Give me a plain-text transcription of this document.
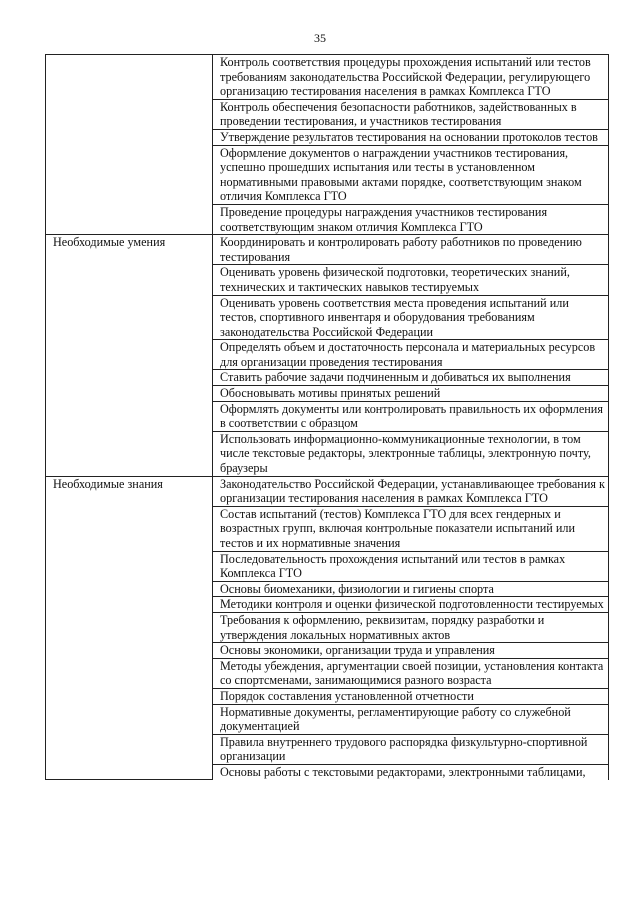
35
	Контроль соответствия процедуры прохождения испытаний или тестов требованиям законодательства Российской Федерации, регулирующего организацию тестирования населения в рамках Комплекса ГТО
	Контроль обеспечения безопасности работников, задействованных в проведении тестирования, и участников тестирования
	Утверждение результатов тестирования на основании протоколов тестов
	Оформление документов о награждении участников тестирования, успешно прошедших испытания или тесты в установленном нормативными правовыми актами порядке, соответствующим знаком отличия Комплекса ГТО
	Проведение процедуры награждения участников тестирования соответствующим знаком отличия Комплекса ГТО
Необходимые умения	Координировать и контролировать работу работников по проведению тестирования
	Оценивать уровень физической подготовки, теоретических знаний, технических и тактических навыков тестируемых
	Оценивать уровень соответствия места проведения испытаний или тестов, спортивного инвентаря и оборудования требованиям законодательства Российской Федерации
	Определять объем и достаточность персонала и материальных ресурсов для организации проведения тестирования
	Ставить рабочие задачи подчиненным и добиваться их выполнения
	Обосновывать мотивы принятых решений
	Оформлять документы или контролировать правильность их оформления в соответствии с образцом
	Использовать информационно-коммуникационные технологии, в том числе текстовые редакторы, электронные таблицы, электронную почту, браузеры
Необходимые знания	Законодательство Российской Федерации, устанавливающее требования к организации тестирования населения в рамках Комплекса ГТО
	Состав испытаний (тестов) Комплекса ГТО для всех гендерных и возрастных групп, включая контрольные показатели испытаний или тестов и их нормативные значения
	Последовательность прохождения испытаний или тестов в рамках Комплекса ГТО
	Основы биомеханики, физиологии и гигиены спорта
	Методики контроля и оценки физической подготовленности тестируемых
	Требования к оформлению, реквизитам, порядку разработки и утверждения локальных нормативных актов
	Основы экономики, организации труда и управления
	Методы убеждения, аргументации своей позиции, установления контакта со спортсменами, занимающимися разного возраста
	Порядок составления установленной отчетности
	Нормативные документы, регламентирующие работу со служебной документацией
	Правила внутреннего трудового распорядка физкультурно-спортивной организации
	Основы работы с текстовыми редакторами, электронными таблицами,
